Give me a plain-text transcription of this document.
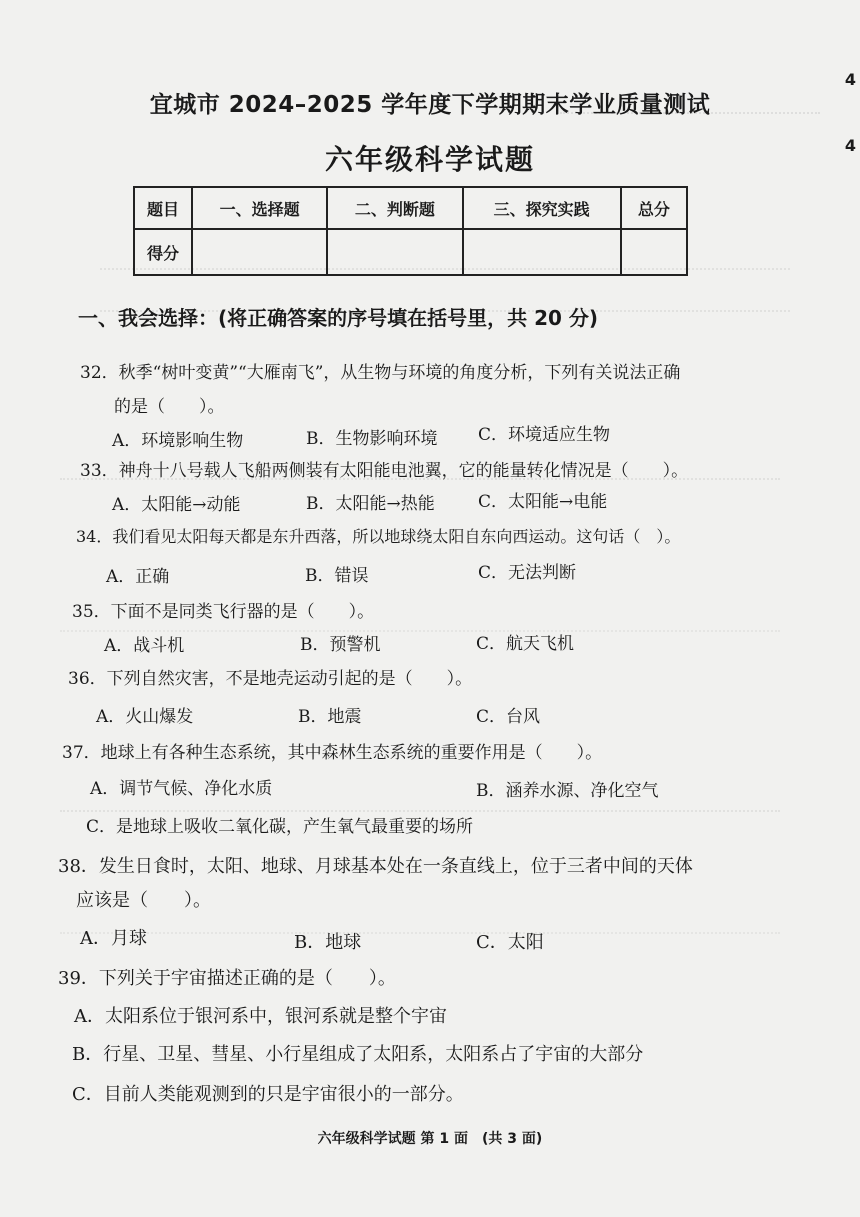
4
4
宜城市 2024–2025 学年度下学期期末学业质量测试
六年级科学试题
题目	一、选择题	二、判断题	三、探究实践	总分
得分				
一、我会选择：(将正确答案的序号填在括号里，共 20 分)
32．秋季“树叶变黄”“大雁南飞”，从生物与环境的角度分析，下列有关说法正确
的是（　　）。
A．环境影响生物	B．生物影响环境 C．环境适应生物
33．神舟十八号载人飞船两侧装有太阳能电池翼，它的能量转化情况是（　　）。
A．太阳能→动能	B．太阳能→热能	C．太阳能→电能
34．我们看见太阳每天都是东升西落，所以地球绕太阳自东向西运动。这句话（　）。
A．正确	B．错误	C．无法判断
35．下面不是同类飞行器的是（　　）。
A．战斗机	B．预警机	C．航天飞机
36．下列自然灾害，不是地壳运动引起的是（　　）。
A．火山爆发	B．地震	C．台风
37．地球上有各种生态系统，其中森林生态系统的重要作用是（　　）。
A．调节气候、净化水质	B．涵养水源、净化空气
C．是地球上吸收二氧化碳，产生氧气最重要的场所
38．发生日食时，太阳、地球、月球基本处在一条直线上，位于三者中间的天体
应该是（　　）。
A．月球	B．地球	C．太阳
39．下列关于宇宙描述正确的是（　　）。
A．太阳系位于银河系中，银河系就是整个宇宙
B．行星、卫星、彗星、小行星组成了太阳系，太阳系占了宇宙的大部分
C．目前人类能观测到的只是宇宙很小的一部分。
六年级科学试题 第 1 面　(共 3 面)
